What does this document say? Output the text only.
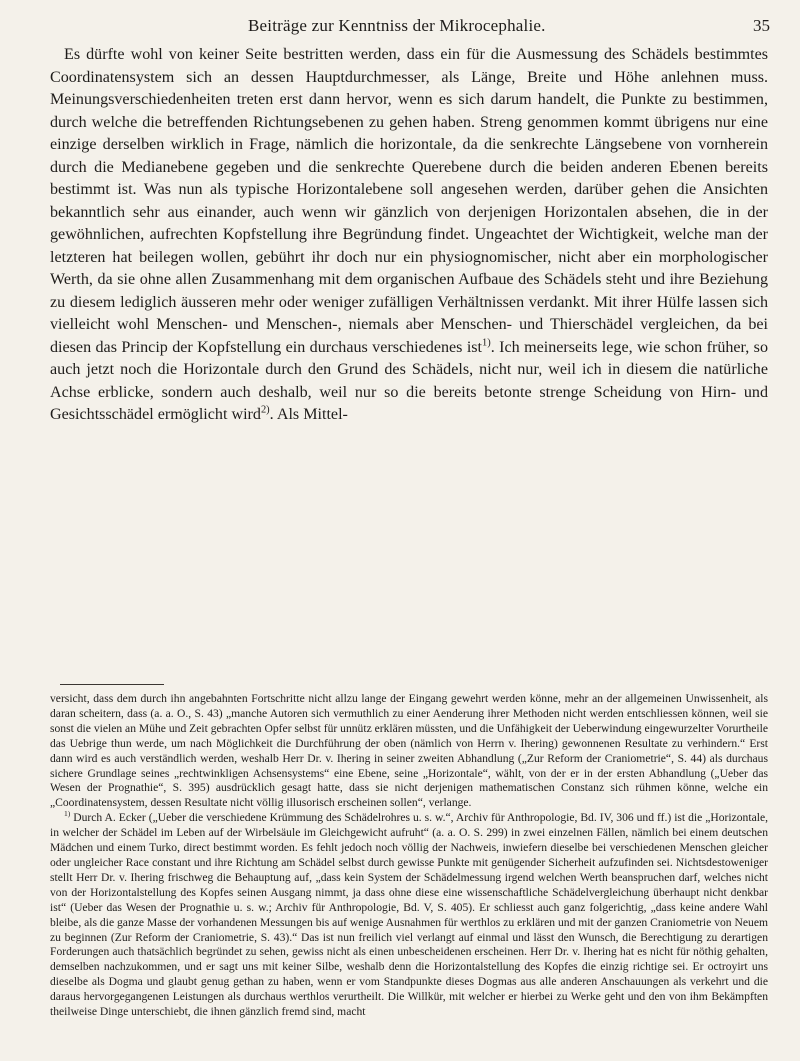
Beiträge zur Kenntniss der Mikrocephalie.	35

Es dürfte wohl von keiner Seite bestritten werden, dass ein für die Ausmessung des Schädels bestimmtes Coordinatensystem sich an dessen Hauptdurchmesser, als Länge, Breite und Höhe anlehnen muss. Meinungsverschiedenheiten treten erst dann hervor, wenn es sich darum handelt, die Punkte zu bestimmen, durch welche die betreffenden Richtungsebenen zu gehen haben. Streng genommen kommt übrigens nur eine einzige derselben wirklich in Frage, nämlich die horizontale, da die senkrechte Längsebene von vornherein durch die Medianebene gegeben und die senkrechte Querebene durch die beiden anderen Ebenen bereits bestimmt ist. Was nun als typische Horizontalebene soll angesehen werden, darüber gehen die Ansichten bekanntlich sehr aus einander, auch wenn wir gänzlich von derjenigen Horizontalen absehen, die in der gewöhnlichen, aufrechten Kopfstellung ihre Begründung findet. Ungeachtet der Wichtigkeit, welche man der letzteren hat beilegen wollen, gebührt ihr doch nur ein physiognomischer, nicht aber ein morphologischer Werth, da sie ohne allen Zusammenhang mit dem organischen Aufbaue des Schädels steht und ihre Beziehung zu diesem lediglich äusseren mehr oder weniger zufälligen Verhältnissen verdankt. Mit ihrer Hülfe lassen sich vielleicht wohl Menschen- und Menschen-, niemals aber Menschen- und Thierschädel vergleichen, da bei diesen das Princip der Kopfstellung ein durchaus verschiedenes ist$^{1)}$. Ich meinerseits lege, wie schon früher, so auch jetzt noch die Horizontale durch den Grund des Schädels, nicht nur, weil ich in diesem die natürliche Achse erblicke, sondern auch deshalb, weil nur so die bereits betonte strenge Scheidung von Hirn- und Gesichtsschädel ermöglicht wird$^{2)}$. Als Mittel-

versicht, dass dem durch ihn angebahnten Fortschritte nicht allzu lange der Eingang gewehrt werden könne, mehr an der allgemeinen Unwissenheit, als daran scheitern, dass (a. a. O., S. 43) „manche Autoren sich vermuthlich zu einer Aenderung ihrer Methoden nicht werden entschliessen können, weil sie sonst die vielen an Mühe und Zeit gebrachten Opfer selbst für unnütz erklären müssten, und die Unfähigkeit der Ueberwindung eingewurzelter Vorurtheile das Uebrige thun werde, um nach Möglichkeit die Durchführung der oben (nämlich von Herrn v. Ihering) gewonnenen Resultate zu verhindern.“ Erst dann wird es auch verständlich werden, weshalb Herr Dr. v. Ihering in seiner zweiten Abhandlung („Zur Reform der Craniometrie“, S. 44) als durchaus sichere Grundlage seines „rechtwinkligen Achsensystems“ eine Ebene, seine „Horizontale“, wählt, von der er in der ersten Abhandlung („Ueber das Wesen der Prognathie“, S. 395) ausdrücklich gesagt hatte, dass sie nicht derjenigen mathematischen Constanz sich rühmen könne, welche ein „Coordinatensystem, dessen Resultate nicht völlig illusorisch erscheinen sollen“, verlange.

$^{1)}$ Durch A. Ecker („Ueber die verschiedene Krümmung des Schädelrohres u. s. w.“, Archiv für Anthropologie, Bd. IV, 306 und ff.) ist die „Horizontale, in welcher der Schädel im Leben auf der Wirbelsäule im Gleichgewicht aufruht“ (a. a. O. S. 299) in zwei einzelnen Fällen, nämlich bei einem deutschen Mädchen und einem Turko, direct bestimmt worden. Es fehlt jedoch noch völlig der Nachweis, inwiefern dieselbe bei verschiedenen Menschen gleicher oder ungleicher Race constant und ihre Richtung am Schädel selbst durch gewisse Punkte mit genügender Sicherheit aufzufinden sei. Nichtsdestoweniger stellt Herr Dr. v. Ihering frischweg die Behauptung auf, „dass kein System der Schädelmessung irgend welchen Werth beanspruchen darf, welches nicht von der Horizontalstellung des Kopfes seinen Ausgang nimmt, ja dass ohne diese eine wissenschaftliche Schädelvergleichung überhaupt nicht denkbar ist“ (Ueber das Wesen der Prognathie u. s. w.; Archiv für Anthropologie, Bd. V, S. 405). Er schliesst auch ganz folgerichtig, „dass keine andere Wahl bleibe, als die ganze Masse der vorhandenen Messungen bis auf wenige Ausnahmen für werthlos zu erklären und mit der ganzen Craniometrie von Neuem zu beginnen (Zur Reform der Craniometrie, S. 43).“ Das ist nun freilich viel verlangt auf einmal und lässt den Wunsch, die Berechtigung zu derartigen Forderungen auch thatsächlich begründet zu sehen, gewiss nicht als einen unbescheidenen erscheinen. Herr Dr. v. Ihering hat es nicht für nöthig gehalten, demselben nachzukommen, und er sagt uns mit keiner Silbe, weshalb denn die Horizontalstellung des Kopfes die einzig richtige sei. Er octroyirt uns dieselbe als Dogma und glaubt genug gethan zu haben, wenn er vom Standpunkte dieses Dogmas aus alle anderen Anschauungen als verkehrt und die daraus hervorgegangenen Leistungen als durchaus werthlos verurtheilt. Die Willkür, mit welcher er hierbei zu Werke geht und den von ihm Bekämpften theilweise Dinge unterschiebt, die ihnen gänzlich fremd sind, macht
